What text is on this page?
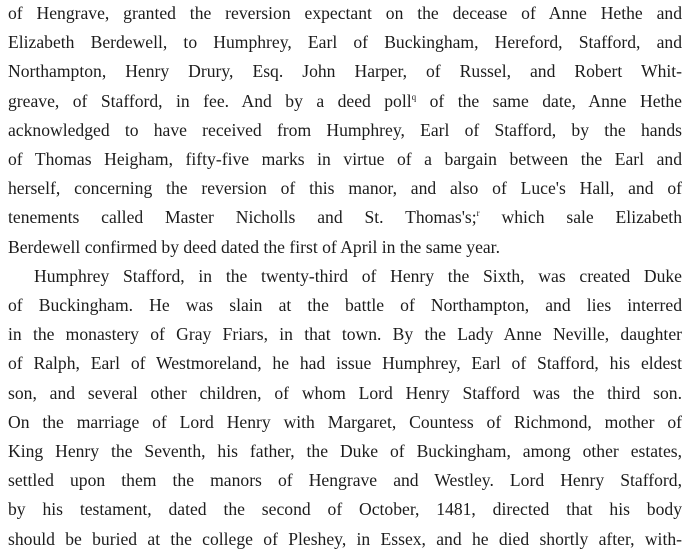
of Hengrave, granted the reversion expectant on the decease of Anne Hethe and
Elizabeth Berdewell, to Humphrey, Earl of Buckingham, Hereford, Stafford, and
Northampton, Henry Drury, Esq. John Harper, of Russel, and Robert Whit-
greave, of Stafford, in fee. And by a deed poll$^q$ of the same date, Anne Hethe
acknowledged to have received from Humphrey, Earl of Stafford, by the hands
of Thomas Heigham, fifty-five marks in virtue of a bargain between the Earl and
herself, concerning the reversion of this manor, and also of Luce's Hall, and of
tenements called Master Nicholls and St. Thomas's;$^r$ which sale Elizabeth
Berdewell confirmed by deed dated the first of April in the same year.
Humphrey Stafford, in the twenty-third of Henry the Sixth, was created Duke
of Buckingham. He was slain at the battle of Northampton, and lies interred
in the monastery of Gray Friars, in that town. By the Lady Anne Neville, daughter
of Ralph, Earl of Westmoreland, he had issue Humphrey, Earl of Stafford, his eldest
son, and several other children, of whom Lord Henry Stafford was the third son.
On the marriage of Lord Henry with Margaret, Countess of Richmond, mother of
King Henry the Seventh, his father, the Duke of Buckingham, among other estates,
settled upon them the manors of Hengrave and Westley. Lord Henry Stafford,
by his testament, dated the second of October, 1481, directed that his body
should be buried at the college of Pleshey, in Essex, and he died shortly after, with-
